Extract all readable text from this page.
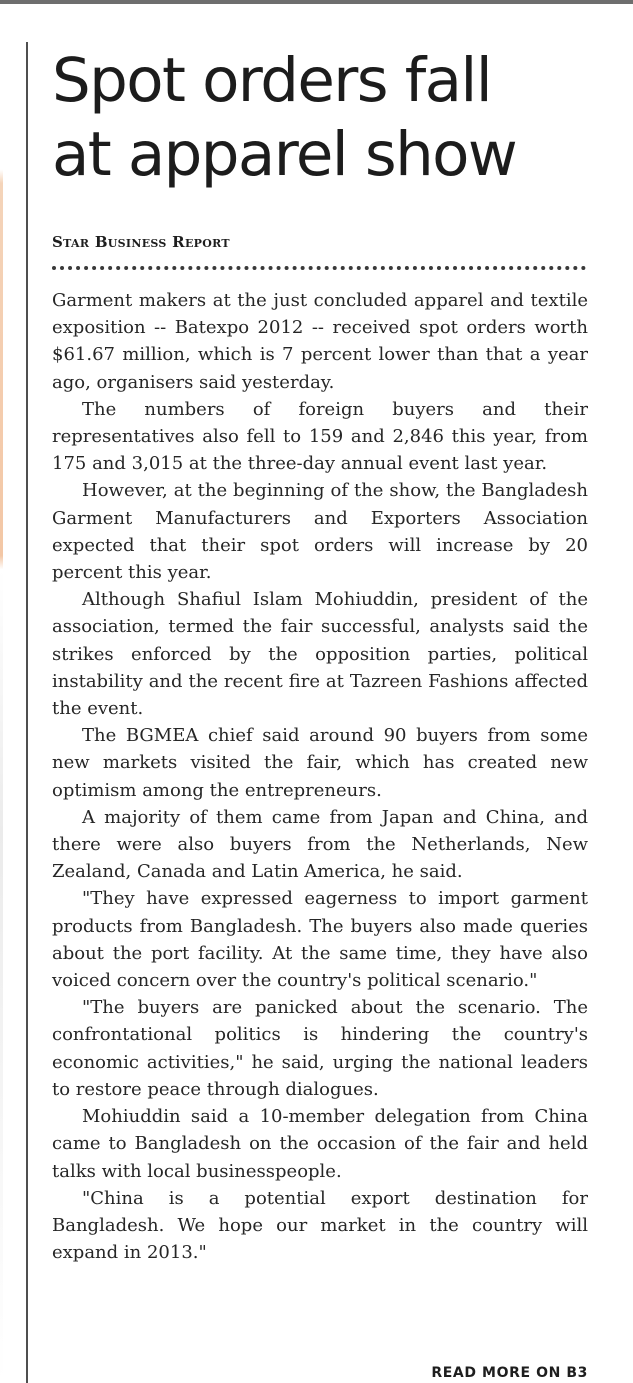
Spot orders fall
at apparel show
Star Business Report

Garment makers at the just concluded apparel and textile exposition -- Batexpo 2012 -- received spot orders worth $61.67 million, which is 7 percent lower than that a year ago, organisers said yesterday.

The numbers of foreign buyers and their representatives also fell to 159 and 2,846 this year, from 175 and 3,015 at the three-day annual event last year.

However, at the beginning of the show, the Bangladesh Garment Manufacturers and Exporters Association expected that their spot orders will increase by 20 percent this year.

Although Shafiul Islam Mohiuddin, president of the association, termed the fair successful, analysts said the strikes enforced by the opposition parties, political instability and the recent fire at Tazreen Fashions affected the event.

The BGMEA chief said around 90 buyers from some new markets visited the fair, which has created new optimism among the entrepreneurs.

A majority of them came from Japan and China, and there were also buyers from the Netherlands, New Zealand, Canada and Latin America, he said.

"They have expressed eagerness to import garment products from Bangladesh. The buyers also made queries about the port facility. At the same time, they have also voiced concern over the country's political scenario."

"The buyers are panicked about the scenario. The confrontational politics is hindering the country's economic activities," he said, urging the national leaders to restore peace through dialogues.

Mohiuddin said a 10-member delegation from China came to Bangladesh on the occasion of the fair and held talks with local businesspeople.

"China is a potential export destination for Bangladesh. We hope our market in the country will expand in 2013."

READ MORE ON B3
